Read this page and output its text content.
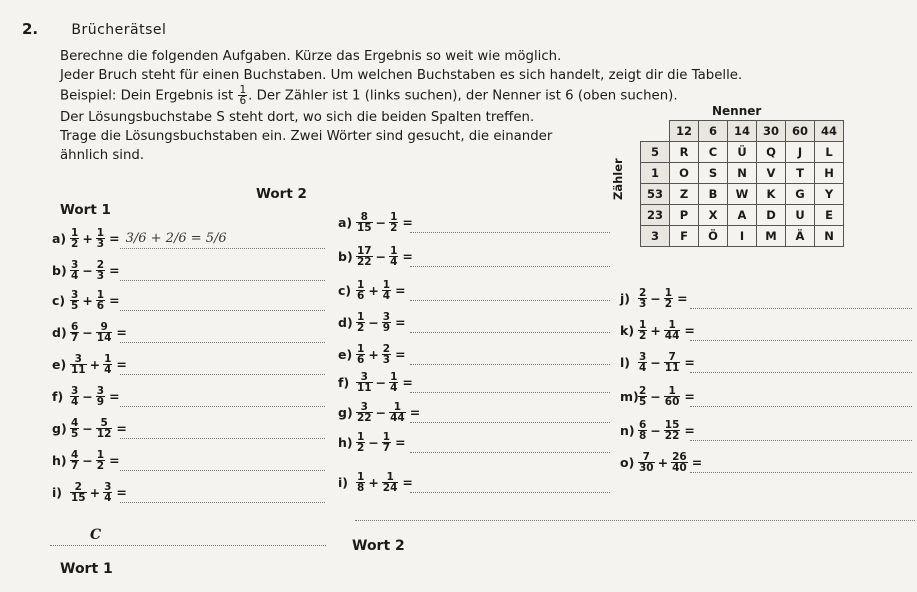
2. Brücherätsel
Berechne die folgenden Aufgaben. Kürze das Ergebnis so weit wie möglich.
Jeder Bruch steht für einen Buchstaben. Um welchen Buchstaben es sich handelt, zeigt dir die Tabelle.
Beispiel: Dein Ergebnis ist $\frac{1}{6}$ . Der Zähler ist 1 (links suchen), der Nenner ist 6 (oben suchen).
Der Lösungsbuchstabe S steht dort, wo sich die beiden Spalten treffen.
Trage die Lösungsbuchstaben ein. Zwei Wörter sind gesucht, die einander
ähnlich sind.
Nenner
Zähler
	12	6	14	30	60	44
5	R	C	Ü	Q	J	L
1	O	S	N	V	T	H
53	Z	B	W	K	G	Y
23	P	X	A	D	U	E
3	F	Ö	I	M	Ä	N
Wort 1
Wort 2
$a) \frac{1}{2} + \frac{1}{3} = 3/6 + 2/6 = 5/6$
$b) \frac{3}{4} - \frac{2}{3}$ =
$c) \frac{3}{5} + \frac{1}{6}$ =
$d) \frac{6}{7} - \frac{9}{14}$ =
$e) \frac{3}{11} + \frac{1}{4}$ =
$f) \frac{3}{4} - \frac{3}{9}$ =
$g) \frac{4}{5} - \frac{5}{12}$ =
$h) \frac{4}{7} - \frac{1}{2}$ =
$i) \frac{2}{15} + \frac{3}{4}$ =
$a) \frac{8}{15} - \frac{1}{2}$ =
$b) \frac{17}{22} - \frac{1}{4}$ =
$c) \frac{1}{6} + \frac{1}{4}$ =
$d) \frac{1}{2} - \frac{3}{9}$ =
$e) \frac{1}{6} + \frac{2}{3}$ =
$f) \frac{3}{11} - \frac{1}{4}$ =
$g) \frac{3}{22} - \frac{1}{44}$ =
$h) \frac{1}{2} - \frac{1}{7}$ =
$i) \frac{1}{8} + \frac{1}{24}$ =
$j) \frac{2}{3} - \frac{1}{2}$ =
$k) \frac{1}{2} + \frac{1}{44}$ =
$l) \frac{3}{4} - \frac{7}{11}$ =
$m) \frac{2}{5} - \frac{1}{60}$ =
$n) \frac{6}{8} - \frac{15}{22}$ =
$o) \frac{7}{30} + \frac{26}{40}$ =
C
Wort 1
Wort 2
